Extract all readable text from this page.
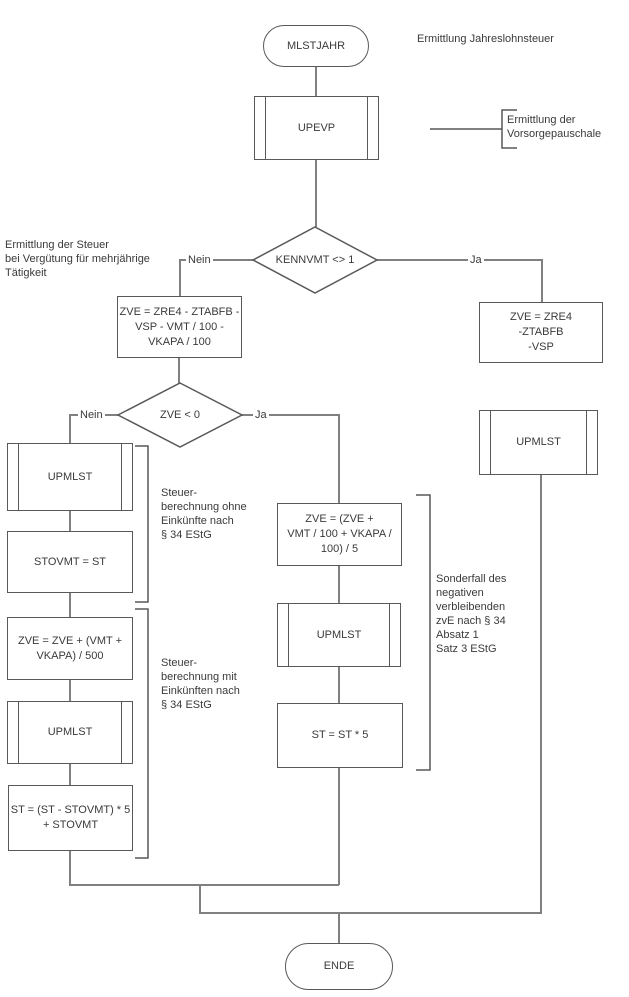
MLSTJAHR
UPEVP
KENNVMT <> 1
ZVE < 0
Nein	Ja
Nein	Ja
ZVE = ZRE4 - ZTABFB -
VSP - VMT / 100 -
VKAPA / 100
ZVE = ZRE4
-ZTABFB
-VSP
UPMLST
UPMLST
STOVMT = ST
ZVE = ZVE + (VMT +
VKAPA) / 500
UPMLST
ST = (ST - STOVMT) * 5
+ STOVMT
ZVE = (ZVE +
VMT / 100 + VKAPA /
100) / 5
UPMLST
ST = ST * 5
ENDE
Ermittlung Jahreslohnsteuer
Ermittlung der
Vorsorgepauschale
Ermittlung der Steuer
bei Vergütung für mehrjährige
Tätigkeit
Steuer-
berechnung ohne
Einkünfte nach
§ 34 EStG
Steuer-
berechnung mit
Einkünften nach
§ 34 EStG
Sonderfall des
negativen
verbleibenden
zvE nach § 34
Absatz 1
Satz 3 EStG
